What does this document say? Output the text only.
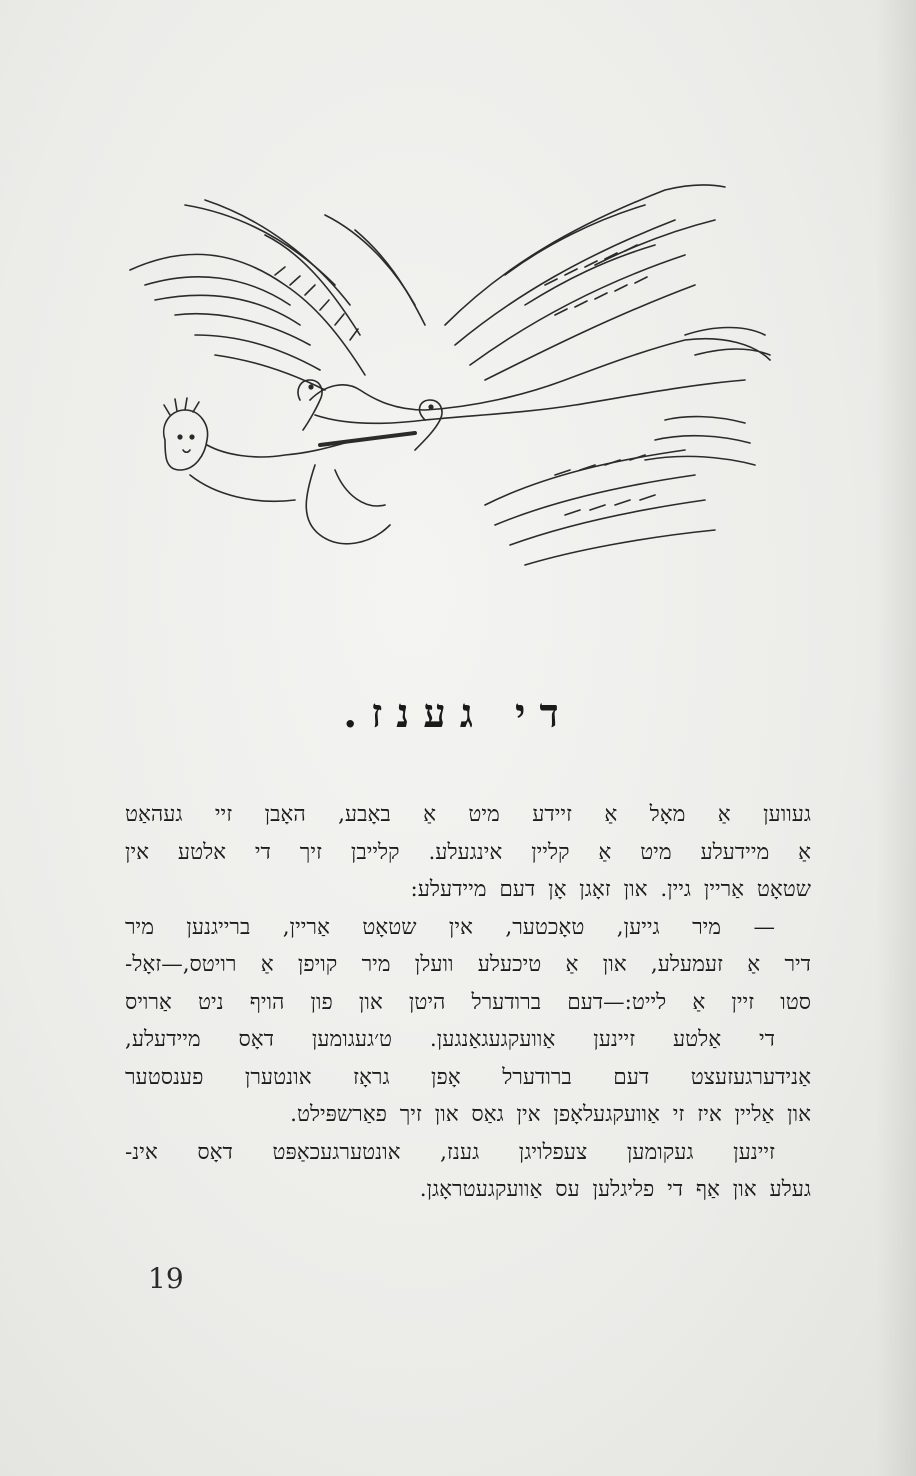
די גענז.
געווען אַ מאָל אַ זיידע מיט אַ באָבע, האָבן זיי געהאַט
אַ מיידעלע מיט אַ קליין אינגעלע. קלייבן זיך די אלטע אין
שטאָט אַריין גיין. און זאָגן אָן דעם מיידעלע:
— מיר גייען, טאָכטער, אין שטאָט אַריין, ברייגנען מיר
דיר אַ זעמעלע, און אַ טיכעלע וועלן מיר קויפן אַ רויטס,—זאָל-
סטו זיין אַ לייט:—דעם ברודערל היטן און פון הויף ניט אַרויס
די אַלטע זיינען אַוועקגעגאַנגען. ט׳געגומען דאָס מיידעלע,
אַנידערגעזעצט דעם ברודערל אָפן גראָז אונטערן פענסטער
און אַליין איז זי אַוועקגעלאָפן אין גאַס און זיך פאַרשפּילט.
זיינען געקומען צעפלויגן גענז, אונטערגעכאַפּט דאָס אינ-
געלע און אַף די פליגלען עס אַוועקגעטראָגן.
19
